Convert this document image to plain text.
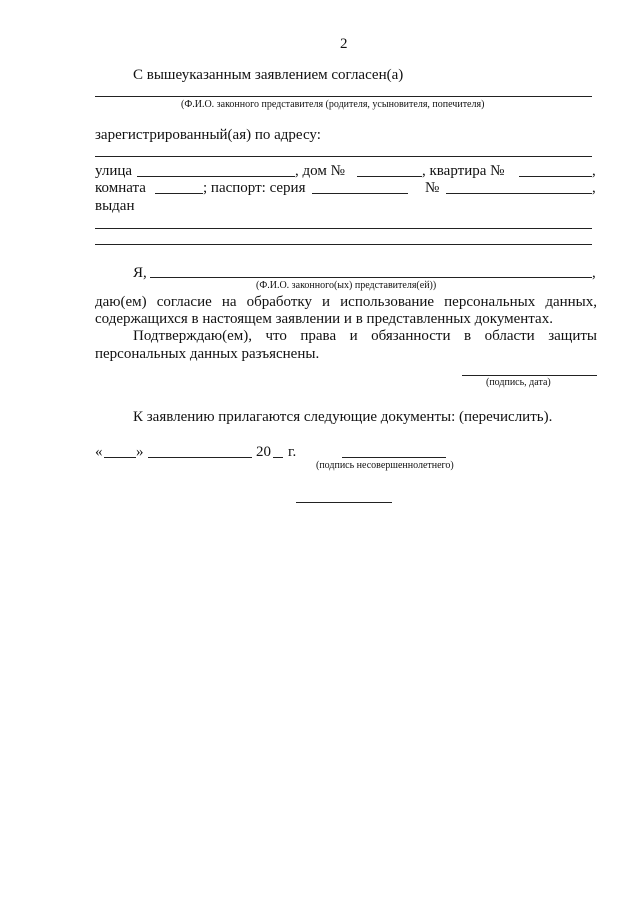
2
С вышеуказанным заявлением согласен(а)
(Ф.И.О. законного представителя (родителя, усыновителя, попечителя)
зарегистрированный(ая) по адресу:
улица	, дом №	, квартира №	,
комната	; паспорт: серия	№	,
выдан
Я,	,
(Ф.И.О. законного(ых) представителя(ей))
даю(ем) согласие на обработку и использование персональных данных,
содержащихся в настоящем заявлении и в представленных документах.
Подтверждаю(ем), что права и обязанности в области защиты
персональных данных разъяснены.
(подпись, дата)
К заявлению прилагаются следующие документы: (перечислить).
« »	20 г.
(подпись несовершеннолетнего)
